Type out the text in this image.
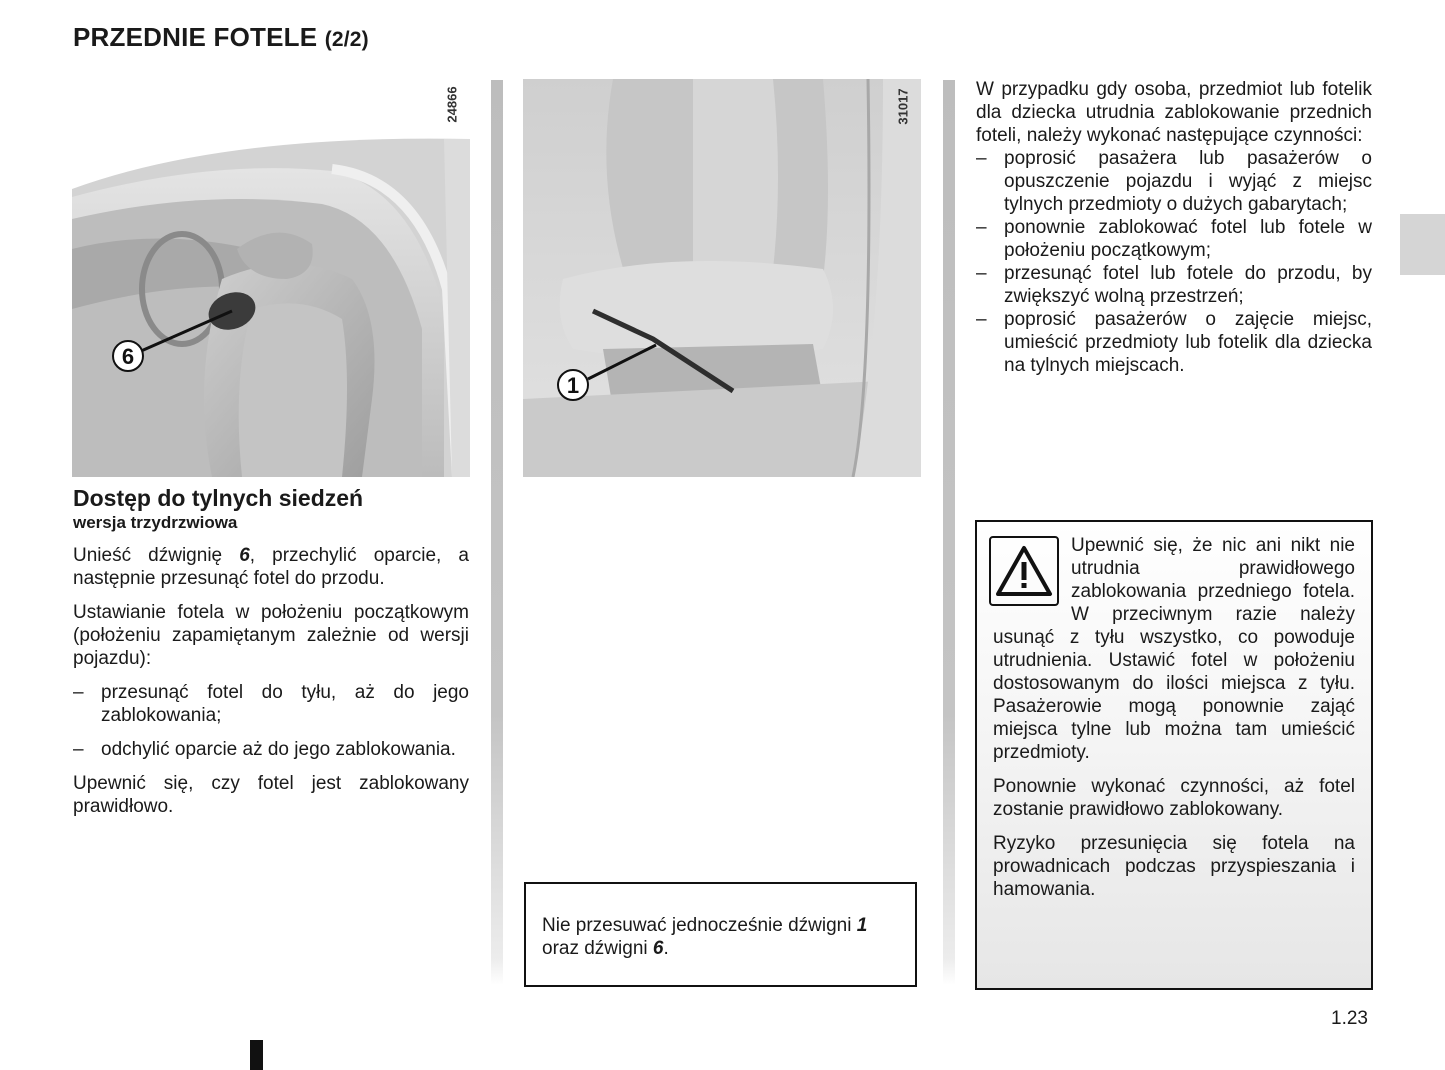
PRZEDNIE FOTELE (2/2)
6
24866
1
31017
Dostęp do tylnych siedzeń
wersja trzydrzwiowa

Unieść dźwignię 6, przechylić oparcie, a następnie przesunąć fotel do przodu.

Ustawianie fotela w położeniu początkowym (położeniu zapamiętanym zależnie od wersji pojazdu):

– przesunąć fotel do tyłu, aż do jego zablokowania;
– odchylić oparcie aż do jego zablokowania.

Upewnić się, czy fotel jest zablokowany prawidłowo.

Nie przesuwać jednocześnie dźwigni 1 oraz dźwigni 6.

W przypadku gdy osoba, przedmiot lub fotelik dla dziecka utrudnia zablokowanie przednich foteli, należy wykonać następujące czynności:

– poprosić pasażera lub pasażerów o opuszczenie pojazdu i wyjąć z miejsc tylnych przedmioty o dużych gabarytach;
– ponownie zablokować fotel lub fotele w położeniu początkowym;
– przesunąć fotel lub fotele do przodu, by zwiększyć wolną przestrzeń;
– poprosić pasażerów o zajęcie miejsc, umieścić przedmioty lub fotelik dla dziecka na tylnych miejscach.

Upewnić się, że nic ani nikt nie utrudnia prawidłowego zablokowania przedniego fotela. W przeciwnym razie należy usunąć z tyłu wszystko, co powoduje utrudnienia. Ustawić fotel w położeniu dostosowanym do ilości miejsca z tyłu. Pasażerowie mogą ponownie zająć miejsca tylne lub można tam umieścić przedmioty.

Ponownie wykonać czynności, aż fotel zostanie prawidłowo zablokowany.

Ryzyko przesunięcia się fotela na prowadnicach podczas przyspieszania i hamowania.

1.23
